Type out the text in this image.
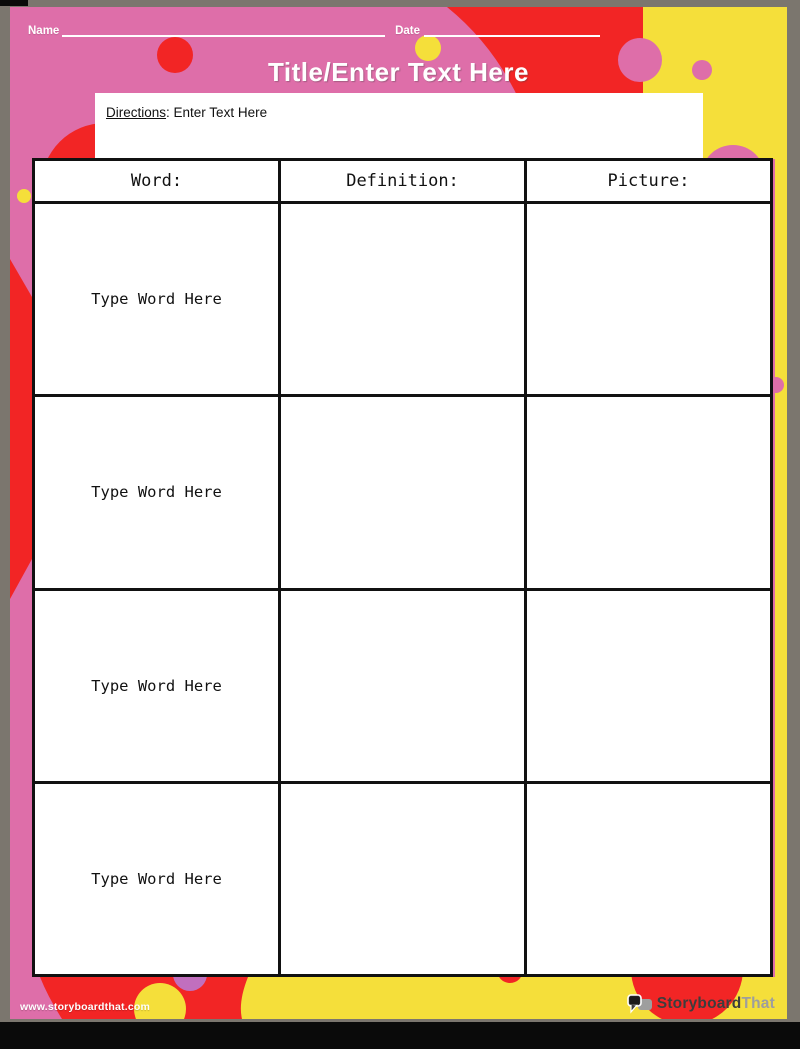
Name	Date
Title/Enter Text Here
Directions: Enter Text Here
Word:	Definition:	Picture:
Type Word Here
Type Word Here
Type Word Here
Type Word Here
www.storyboardthat.com	StoryboardThat
